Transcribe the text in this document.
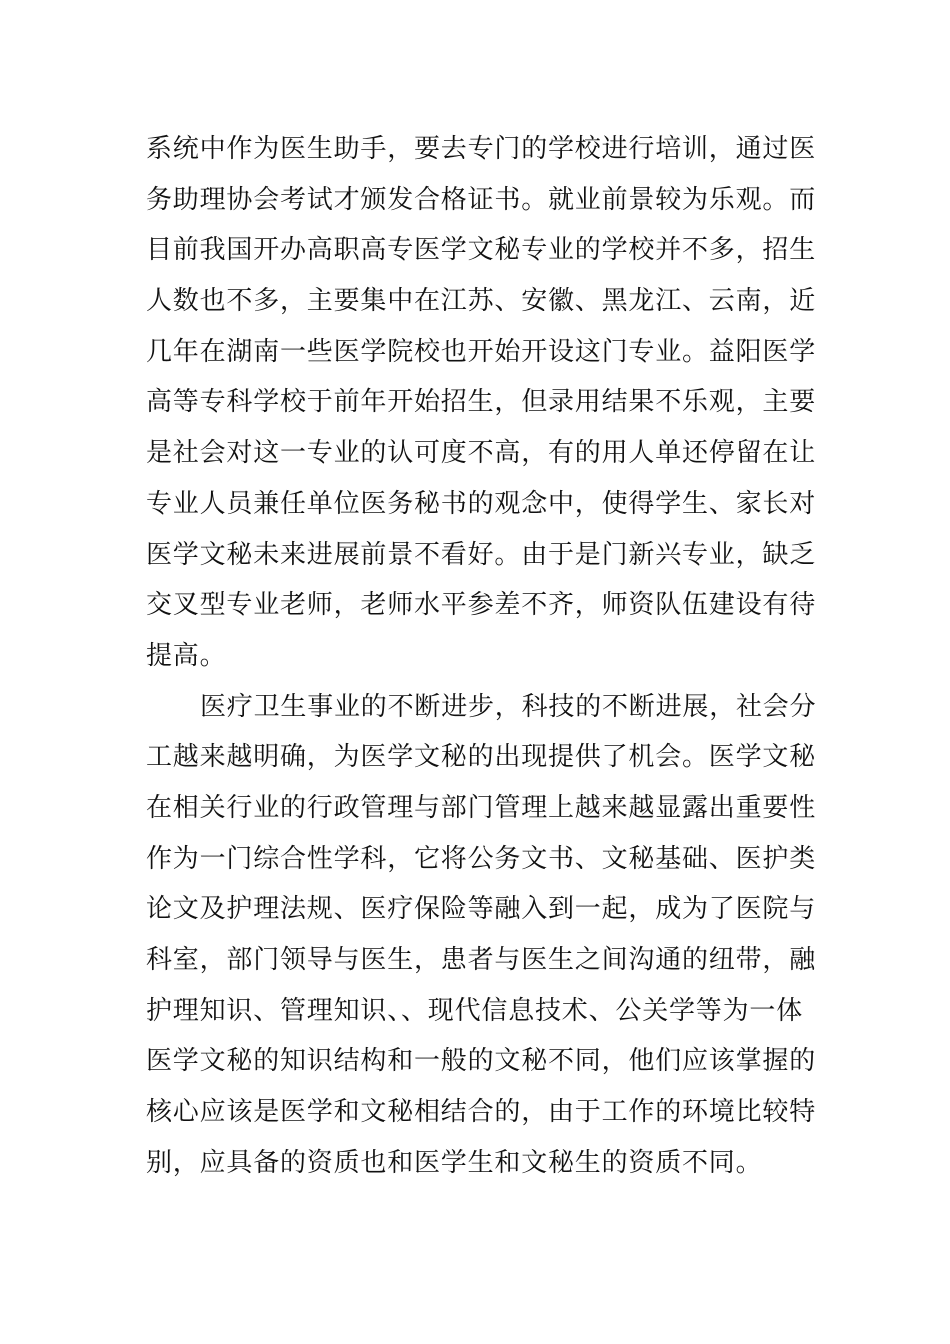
系统中作为医生助手，要去专门的学校进行培训，通过医
务助理协会考试才颁发合格证书。就业前景较为乐观。而
目前我国开办高职高专医学文秘专业的学校并不多，招生
人数也不多，主要集中在江苏、安徽、黑龙江、云南，近
几年在湖南一些医学院校也开始开设这门专业。益阳医学
高等专科学校于前年开始招生，但录用结果不乐观，主要
是社会对这一专业的认可度不高，有的用人单还停留在让
专业人员兼任单位医务秘书的观念中，使得学生、家长对
医学文秘未来进展前景不看好。由于是门新兴专业，缺乏
交叉型专业老师，老师水平参差不齐，师资队伍建设有待
提高。
医疗卫生事业的不断进步，科技的不断进展，社会分
工越来越明确，为医学文秘的出现提供了机会。医学文秘
在相关行业的行政管理与部门管理上越来越显露出重要性
作为一门综合性学科，它将公务文书、文秘基础、医护类
论文及护理法规、医疗保险等融入到一起，成为了医院与
科室，部门领导与医生，患者与医生之间沟通的纽带，融
护理知识、管理知识、、现代信息技术、公关学等为一体
医学文秘的知识结构和一般的文秘不同，他们应该掌握的
核心应该是医学和文秘相结合的，由于工作的环境比较特
别，应具备的资质也和医学生和文秘生的资质不同。
